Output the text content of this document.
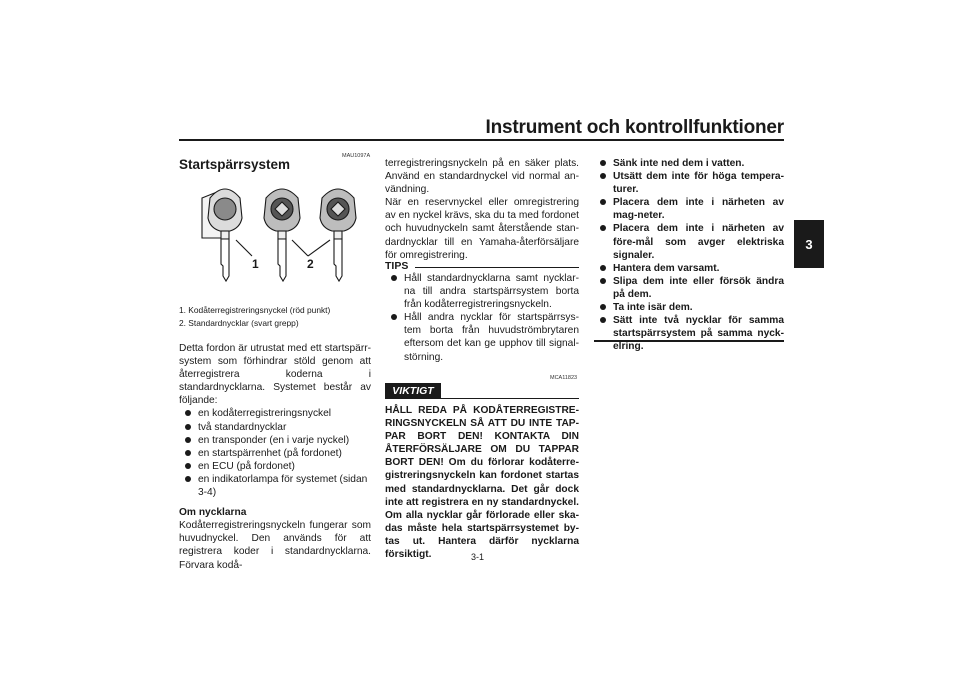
Instrument och kontrollfunktioner
3
MAU1097A
Startspärrsystem
1	2
1. Kodåterregistreringsnyckel (röd punkt)
2. Standardnycklar (svart grepp)
Detta fordon är utrustat med ett startspärr-system som förhindrar stöld genom att återregistrera koderna i standardnycklarna. Systemet består av följande:
en kodåterregistreringsnyckel
två standardnycklar
en transponder (en i varje nyckel)
en startspärrenhet (på fordonet)
en ECU (på fordonet)
en indikatorlampa för systemet (sidan 3-4)
Om nycklarna
Kodåterregistreringsnyckeln fungerar som huvudnyckel. Den används för att registrera koder i standardnycklarna. Förvara kodå-
terregistreringsnyckeln på en säker plats. Använd en standardnyckel vid normal an-vändning.
När en reservnyckel eller omregistrering av en nyckel krävs, ska du ta med fordonet och huvudnyckeln samt återstående stan-dardnycklar till en Yamaha-återförsäljare för omregistrering.
TIPS
Håll standardnycklarna samt nycklar-na till andra startspärrsystem borta från kodåterregistreringsnyckeln.
Håll andra nycklar för startspärrsys-tem borta från huvudströmbrytaren eftersom det kan ge upphov till signal-störning.
MCA11823
VIKTIGT
HÅLL REDA PÅ KODÅTERREGISTRE-RINGSNYCKELN SÅ ATT DU INTE TAP-PAR BORT DEN! KONTAKTA DIN ÅTERFÖRSÄLJARE OM DU TAPPAR BORT DEN! Om du förlorar kodåterre-gistreringsnyckeln kan fordonet startas med standardnycklarna. Det går dock inte att registrera en ny standardnyckel. Om alla nycklar går förlorade eller ska-das måste hela startspärrsystemet by-tas ut. Hantera därför nycklarna försiktigt.
Sänk inte ned dem i vatten.
Utsätt dem inte för höga tempera-turer.
Placera dem inte i närheten av mag-neter.
Placera dem inte i närheten av före-mål som avger elektriska signaler.
Hantera dem varsamt.
Slipa dem inte eller försök ändra på dem.
Ta inte isär dem.
Sätt inte två nycklar för samma startspärrsystem på samma nyck-elring.
3-1
